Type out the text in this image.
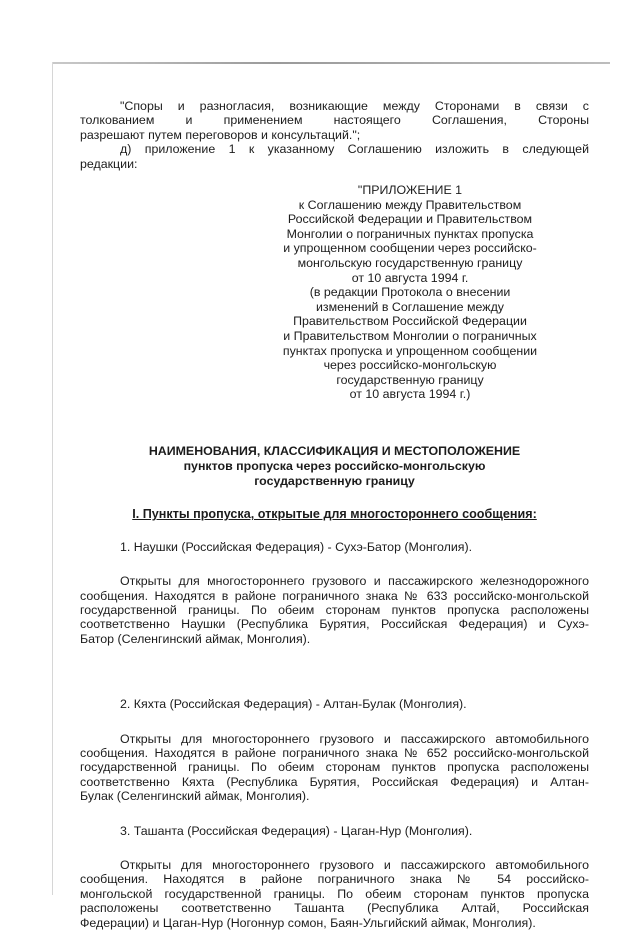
"Споры и разногласия, возникающие между Сторонами в связи с

толкованием и применением настоящего Соглашения, Стороны

разрешают путем переговоров и консультаций.";

д) приложение 1 к указанному Соглашению изложить в следующей

редакции:

"ПРИЛОЖЕНИЕ 1
к Соглашению между Правительством
Российской Федерации и Правительством
Монголии о пограничных пунктах пропуска
и упрощенном сообщении через российско-
монгольскую государственную границу
от 10 августа 1994 г.
(в редакции Протокола о внесении
изменений в Соглашение между
Правительством Российской Федерации
и Правительством Монголии о пограничных
пунктах пропуска и упрощенном сообщении
через российско-монгольскую
государственную границу
от 10 августа 1994 г.)
НАИМЕНОВАНИЯ, КЛАССИФИКАЦИЯ И МЕСТОПОЛОЖЕНИЕ
пунктов пропуска через российско-монгольскую
государственную границу
I. Пункты пропуска, открытые для многостороннего сообщения:

1. Наушки (Российская Федерация) - Сухэ-Батор (Монголия).

Открыты для многостороннего грузового и пассажирского железнодорожного

сообщения. Находятся в районе пограничного знака № 633 российско-монгольской

государственной границы. По обеим сторонам пунктов пропуска расположены

соответственно Наушки (Республика Бурятия, Российская Федерация) и Сухэ-

Батор (Селенгинский аймак, Монголия).

2. Кяхта (Российская Федерация) - Алтан-Булак (Монголия).

Открыты для многостороннего грузового и пассажирского автомобильного

сообщения. Находятся в районе пограничного знака № 652 российско-монгольской

государственной границы. По обеим сторонам пунктов пропуска расположены

соответственно Кяхта (Республика Бурятия, Российская Федерация) и Алтан-

Булак (Селенгинский аймак, Монголия).

3. Ташанта (Российская Федерация) - Цаган-Нур (Монголия).

Открыты для многостороннего грузового и пассажирского автомобильного

сообщения. Находятся в районе пограничного знака № 54 российско-

монгольской государственной границы. По обеим сторонам пунктов пропуска

расположены соответственно Ташанта (Республика Алтай, Российская

Федерации) и Цаган-Нур (Ногоннур сомон, Баян-Ульгийский аймак, Монголия).
